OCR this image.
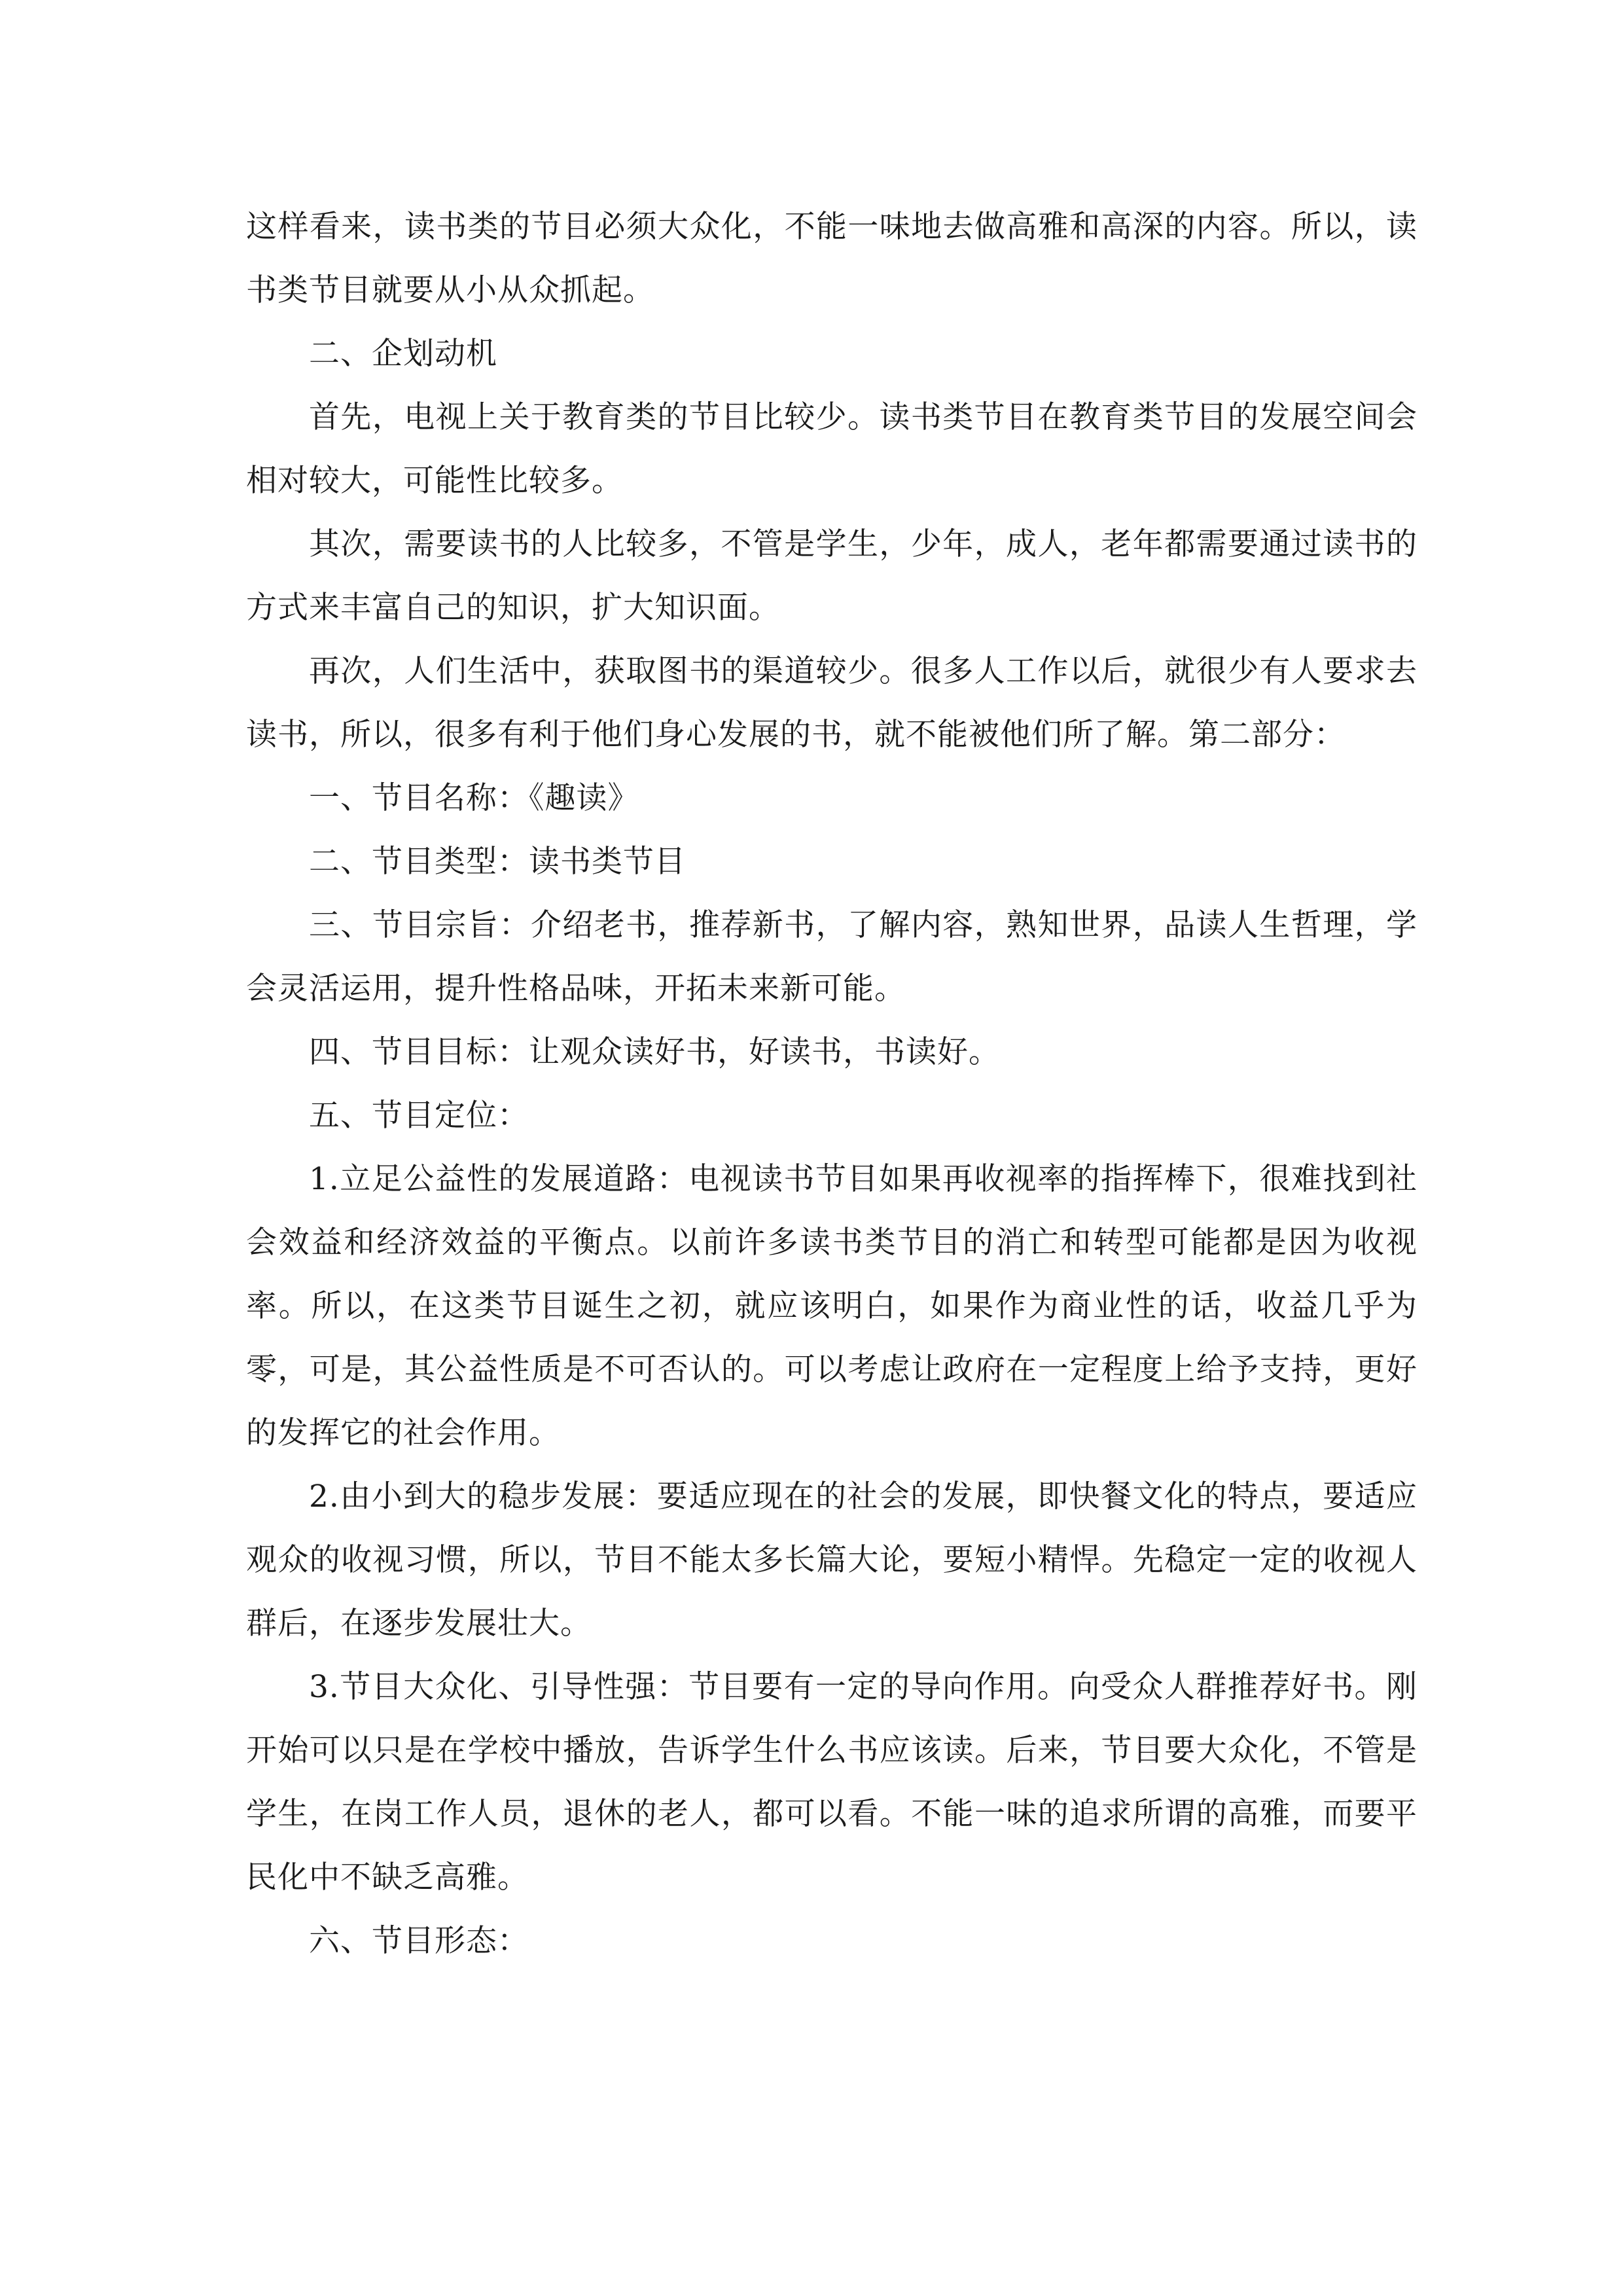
这样看来，读书类的节目必须大众化，不能一味地去做高雅和高深的内容。所以，读书类节目就要从小从众抓起。

二、企划动机

首先，电视上关于教育类的节目比较少。读书类节目在教育类节目的发展空间会相对较大，可能性比较多。

其次，需要读书的人比较多，不管是学生，少年，成人，老年都需要通过读书的方式来丰富自己的知识，扩大知识面。

再次，人们生活中，获取图书的渠道较少。很多人工作以后，就很少有人要求去读书，所以，很多有利于他们身心发展的书，就不能被他们所了解。第二部分：

一、节目名称：《趣读》

二、节目类型：读书类节目

三、节目宗旨：介绍老书，推荐新书，了解内容，熟知世界，品读人生哲理，学会灵活运用，提升性格品味，开拓未来新可能。

四、节目目标：让观众读好书，好读书，书读好。

五、节目定位：

1.立足公益性的发展道路：电视读书节目如果再收视率的指挥棒下，很难找到社会效益和经济效益的平衡点。以前许多读书类节目的消亡和转型可能都是因为收视率。所以，在这类节目诞生之初，就应该明白，如果作为商业性的话，收益几乎为零，可是，其公益性质是不可否认的。可以考虑让政府在一定程度上给予支持，更好的发挥它的社会作用。

2.由小到大的稳步发展：要适应现在的社会的发展，即快餐文化的特点，要适应观众的收视习惯，所以，节目不能太多长篇大论，要短小精悍。先稳定一定的收视人群后，在逐步发展壮大。

3.节目大众化、引导性强：节目要有一定的导向作用。向受众人群推荐好书。刚开始可以只是在学校中播放，告诉学生什么书应该读。后来，节目要大众化，不管是学生，在岗工作人员，退休的老人，都可以看。不能一味的追求所谓的高雅，而要平民化中不缺乏高雅。

六、节目形态：
